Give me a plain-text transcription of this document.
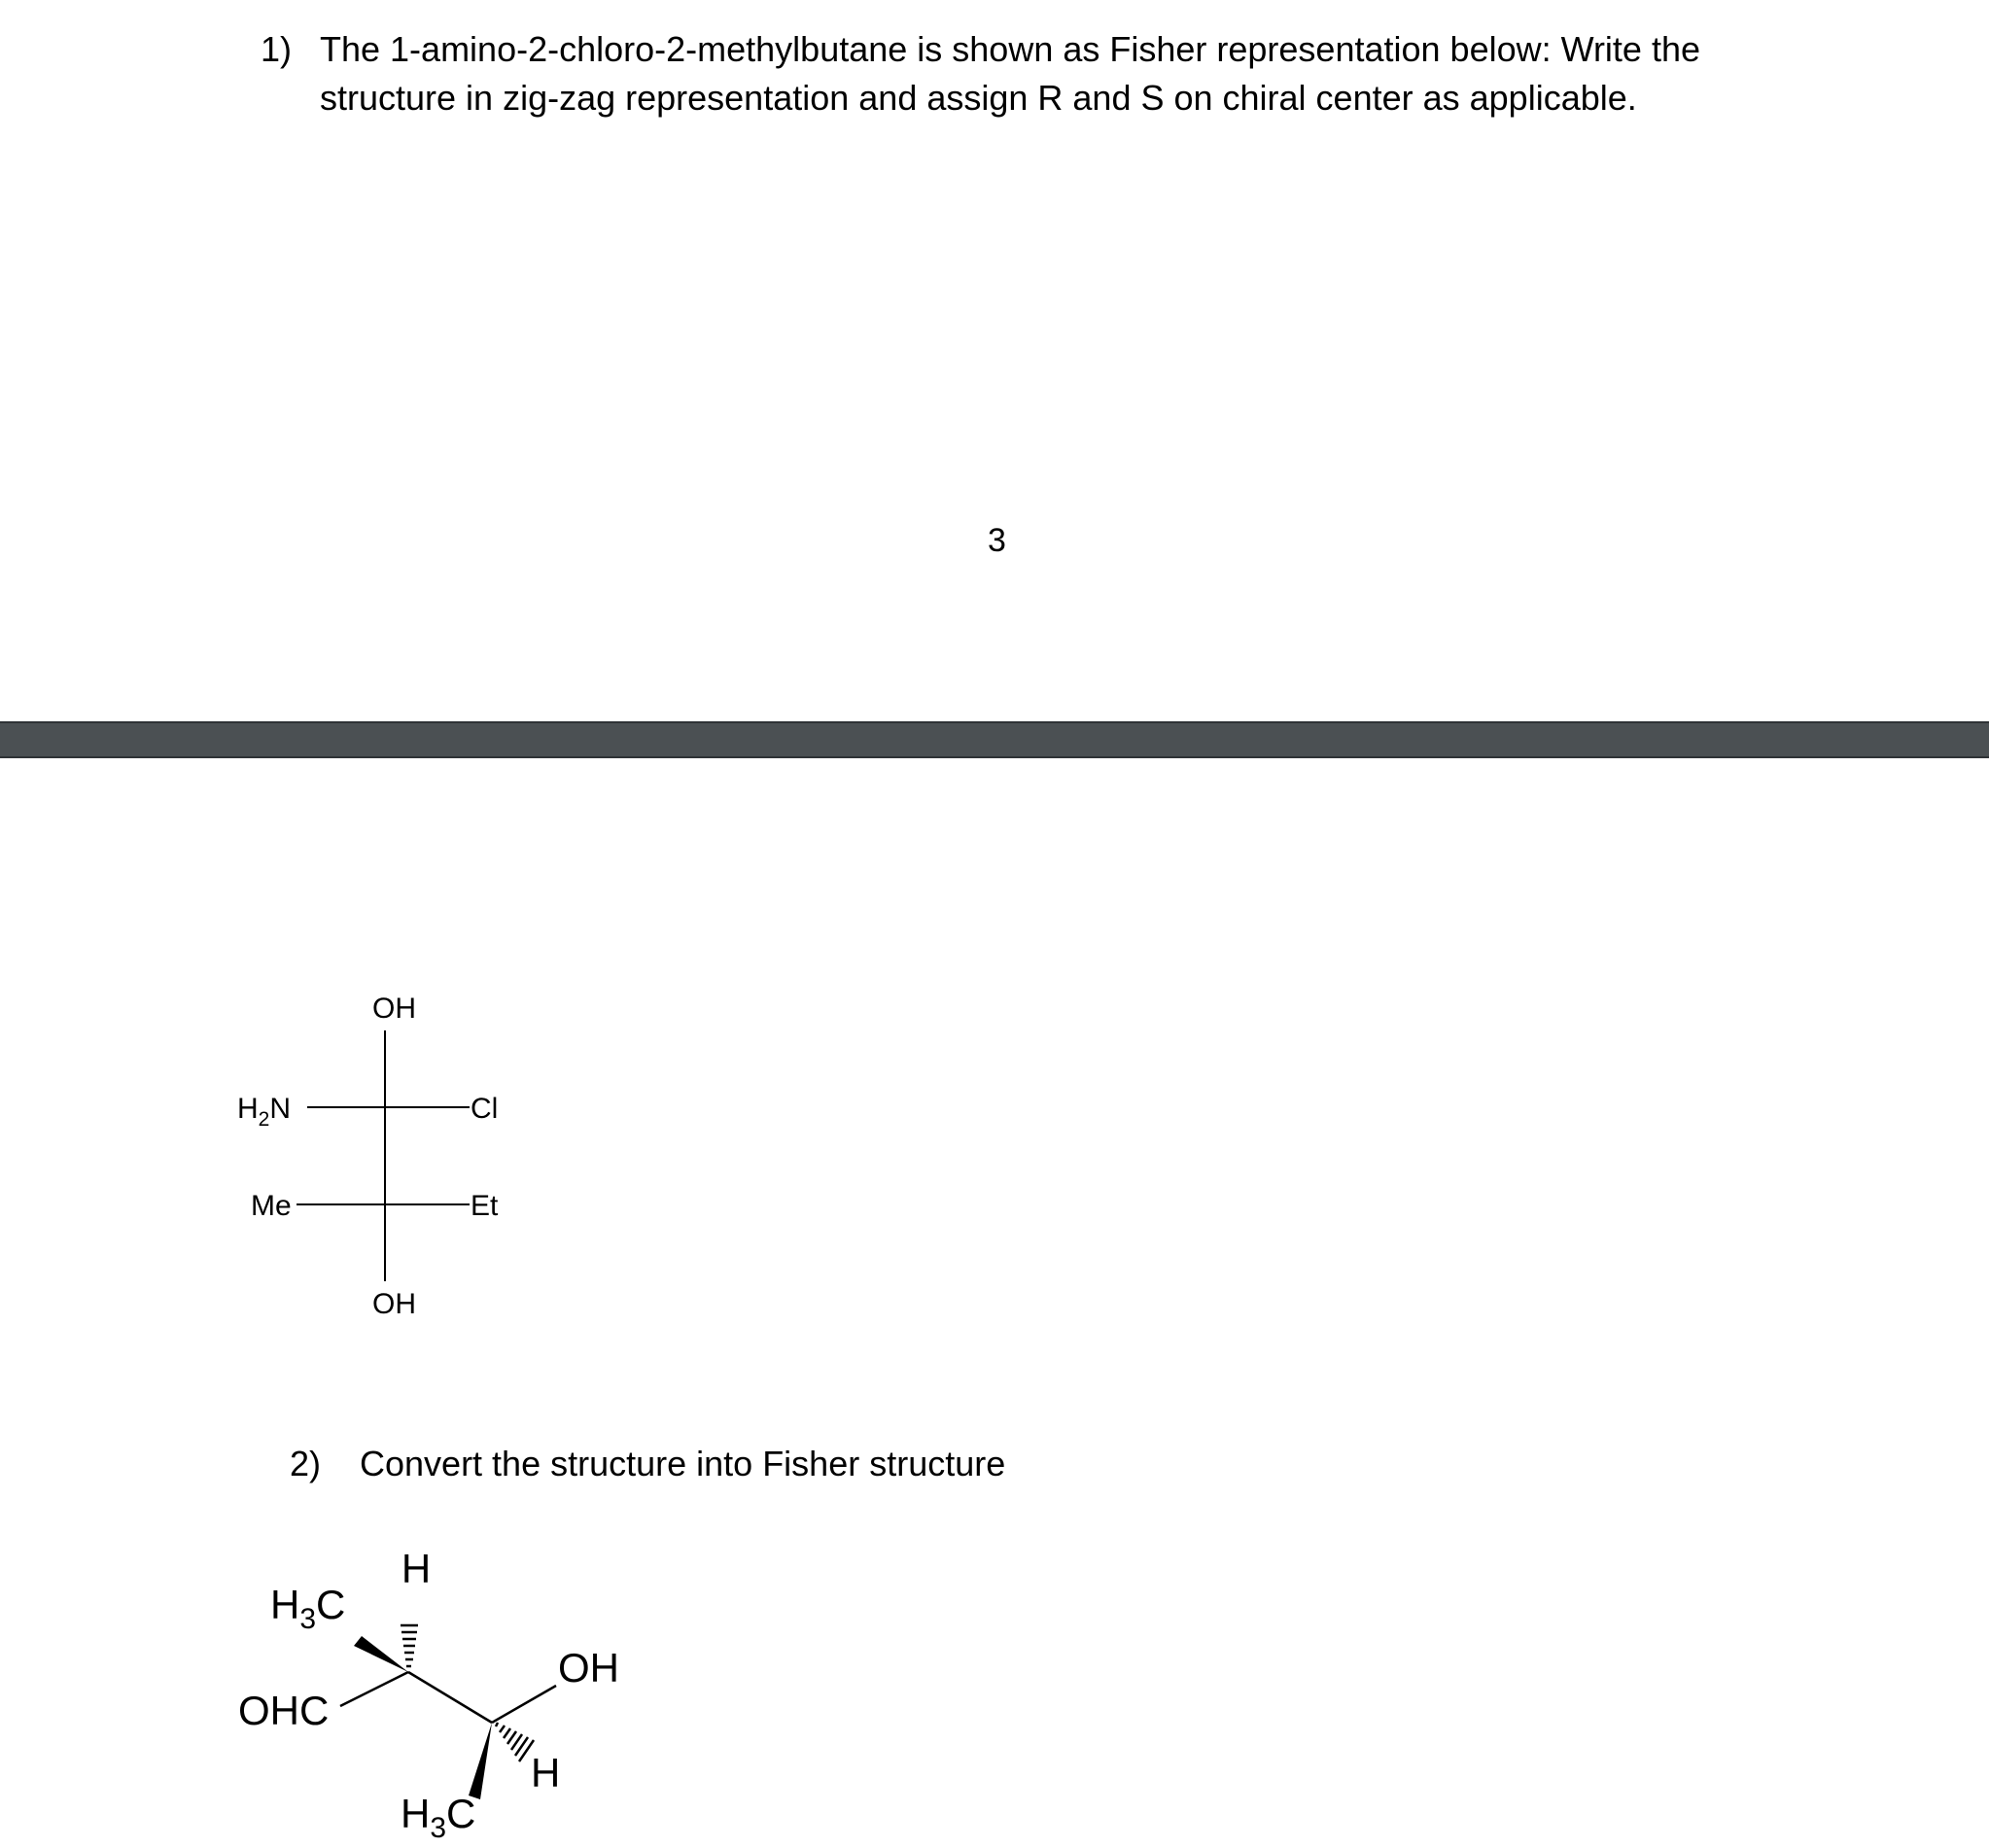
1) The 1-amino-2-chloro-2-methylbutane is shown as Fisher representation below: Write the structure in zig-zag representation and assign R and S on chiral center as applicable.
3
OH
$H_2N$	Cl
Me	Et
OH
2) Convert the structure into Fisher structure
$H_3C$
H
OHC
OH
H
$H_3C$
